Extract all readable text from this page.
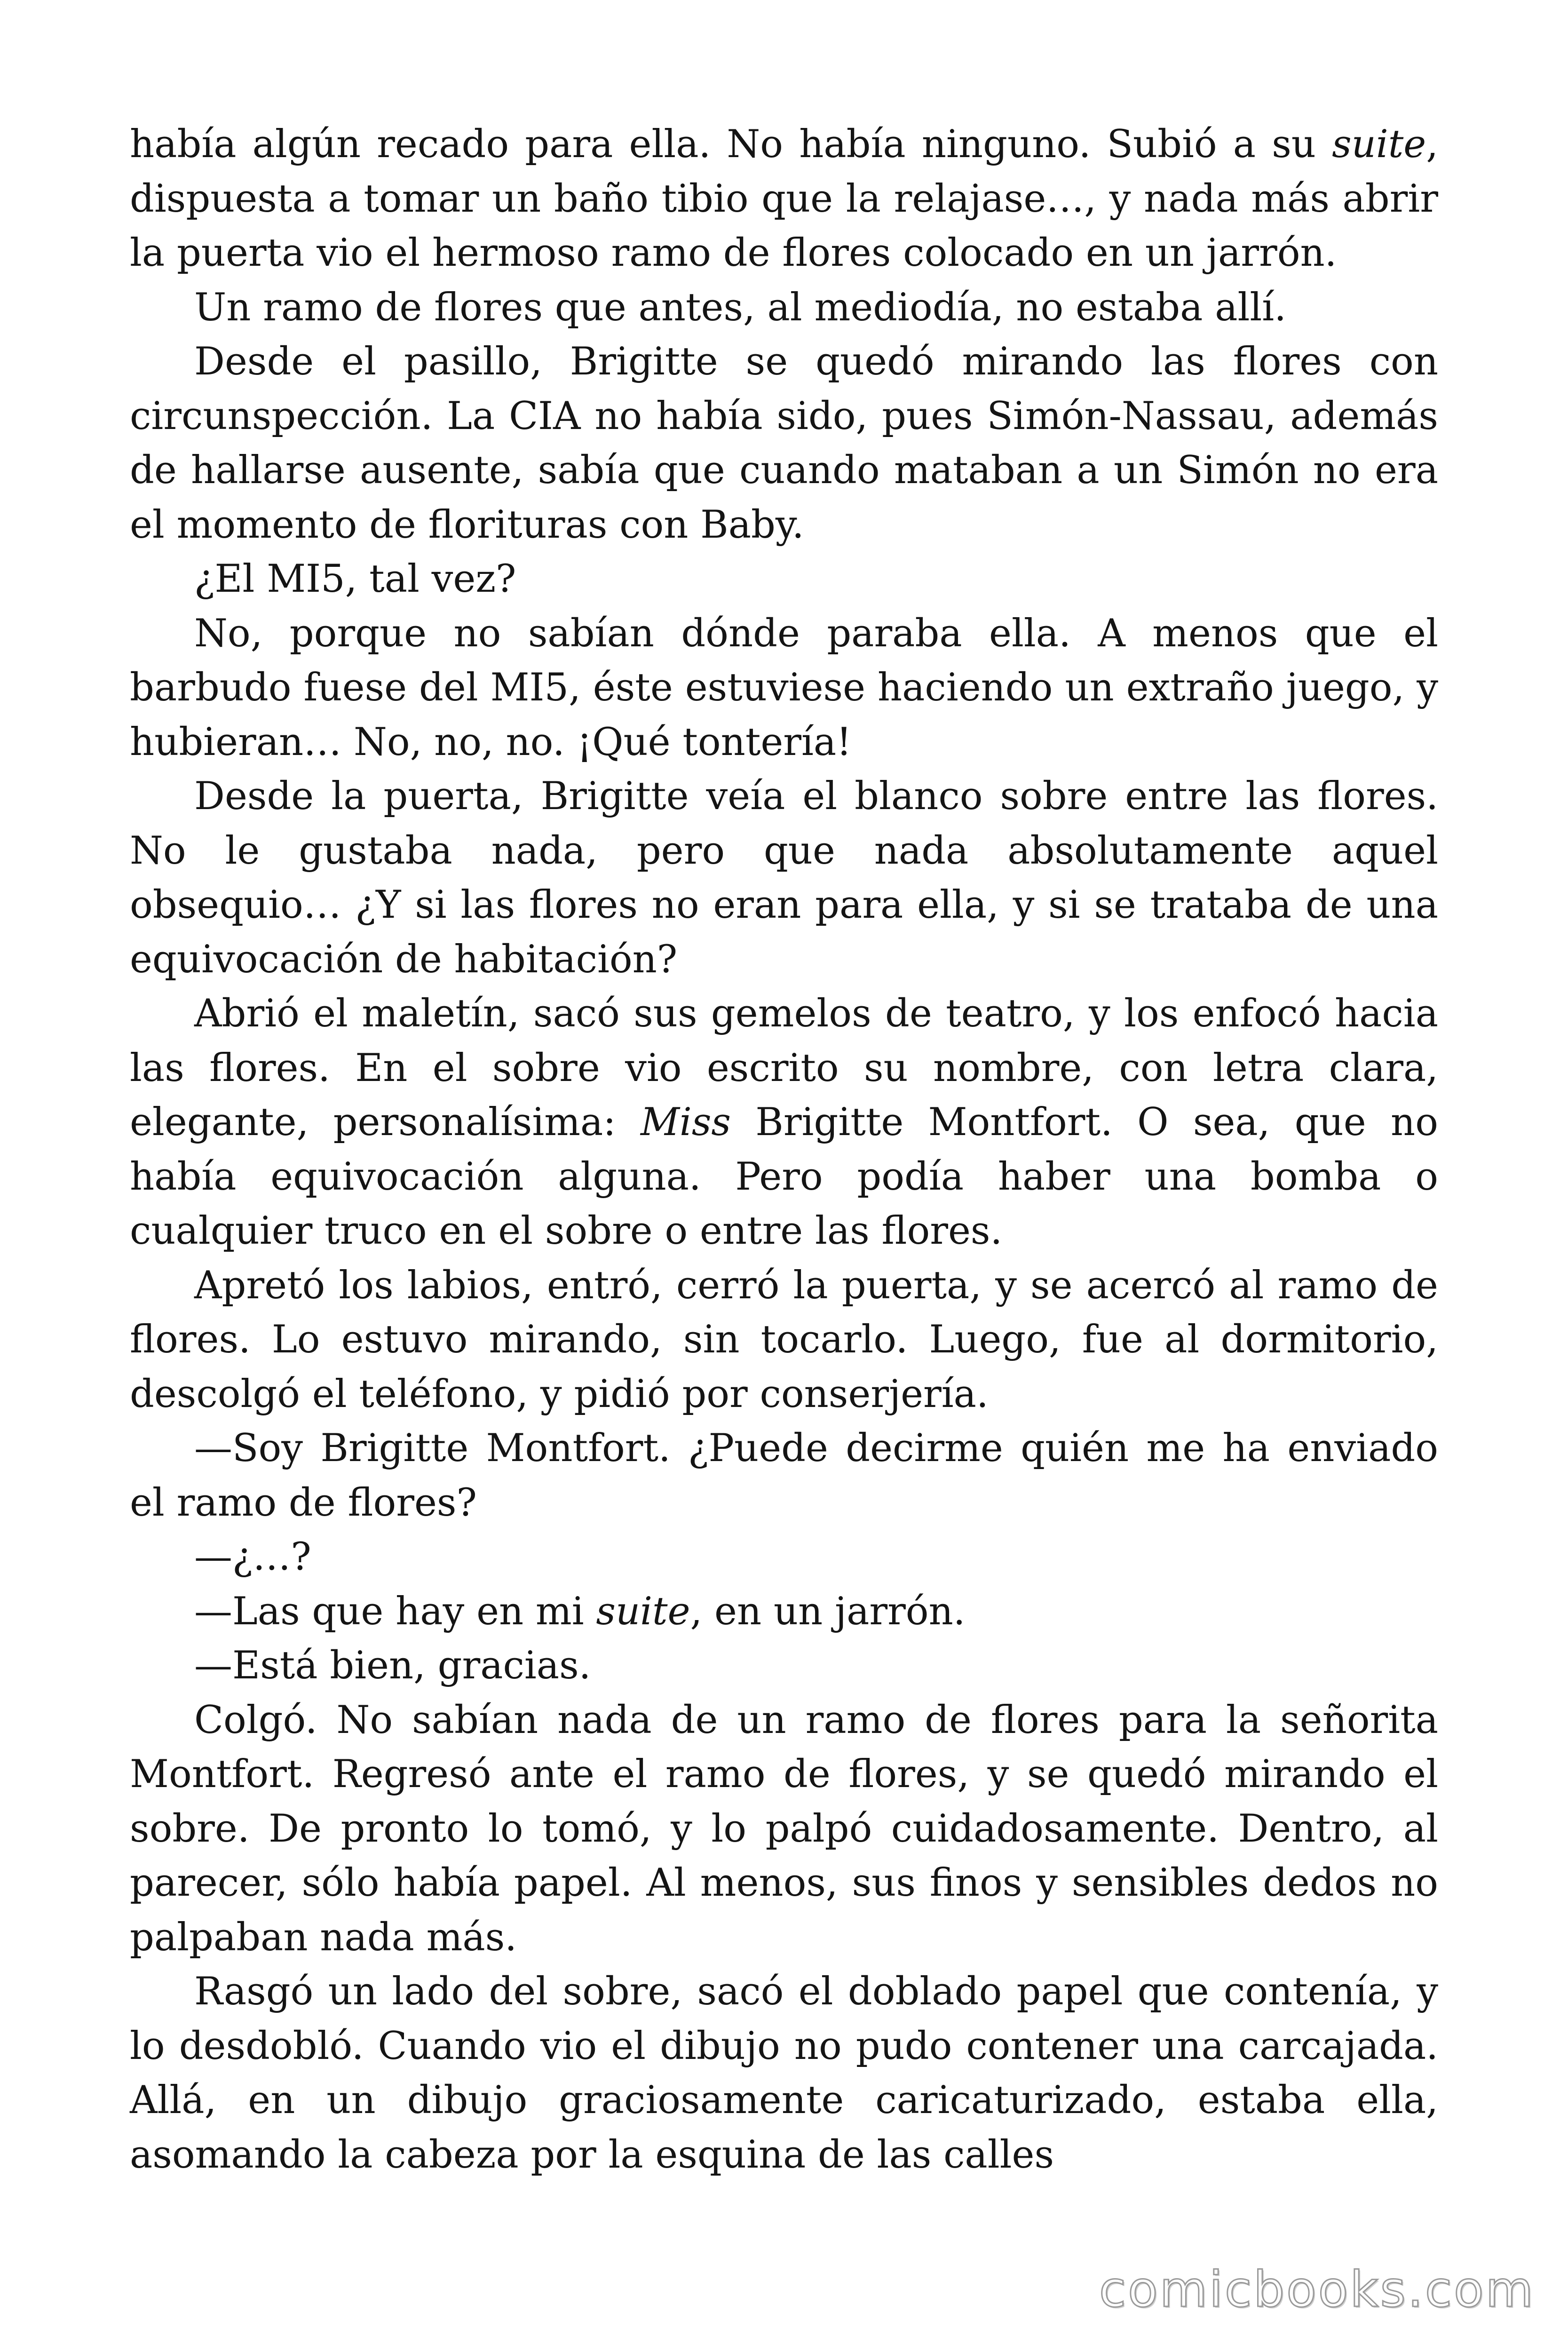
había algún recado para ella. No había ninguno. Subió a su suite, dispuesta a tomar un baño tibio que la relajase…, y nada más abrir la puerta vio el hermoso ramo de flores colocado en un jarrón.

Un ramo de flores que antes, al mediodía, no estaba allí.

Desde el pasillo, Brigitte se quedó mirando las flores con circunspección. La CIA no había sido, pues Simón-Nassau, además de hallarse ausente, sabía que cuando mataban a un Simón no era el momento de florituras con Baby.

¿El MI5, tal vez?

No, porque no sabían dónde paraba ella. A menos que el barbudo fuese del MI5, éste estuviese haciendo un extraño juego, y hubieran… No, no, no. ¡Qué tontería!

Desde la puerta, Brigitte veía el blanco sobre entre las flores. No le gustaba nada, pero que nada absolutamente aquel obsequio… ¿Y si las flores no eran para ella, y si se trataba de una equivocación de habitación?

Abrió el maletín, sacó sus gemelos de teatro, y los enfocó hacia las flores. En el sobre vio escrito su nombre, con letra clara, elegante, personalísima: Miss Brigitte Montfort. O sea, que no había equivocación alguna. Pero podía haber una bomba o cualquier truco en el sobre o entre las flores.

Apretó los labios, entró, cerró la puerta, y se acercó al ramo de flores. Lo estuvo mirando, sin tocarlo. Luego, fue al dormitorio, descolgó el teléfono, y pidió por conserjería.

—Soy Brigitte Montfort. ¿Puede decirme quién me ha enviado el ramo de flores?

—¿…?

—Las que hay en mi suite, en un jarrón.

—Está bien, gracias.

Colgó. No sabían nada de un ramo de flores para la señorita Montfort. Regresó ante el ramo de flores, y se quedó mirando el sobre. De pronto lo tomó, y lo palpó cuidadosamente. Dentro, al parecer, sólo había papel. Al menos, sus finos y sensibles dedos no palpaban nada más.

Rasgó un lado del sobre, sacó el doblado papel que contenía, y lo desdobló. Cuando vio el dibujo no pudo contener una carcajada. Allá, en un dibujo graciosamente caricaturizado, estaba ella, asomando la cabeza por la esquina de las calles

comicbooks.com
